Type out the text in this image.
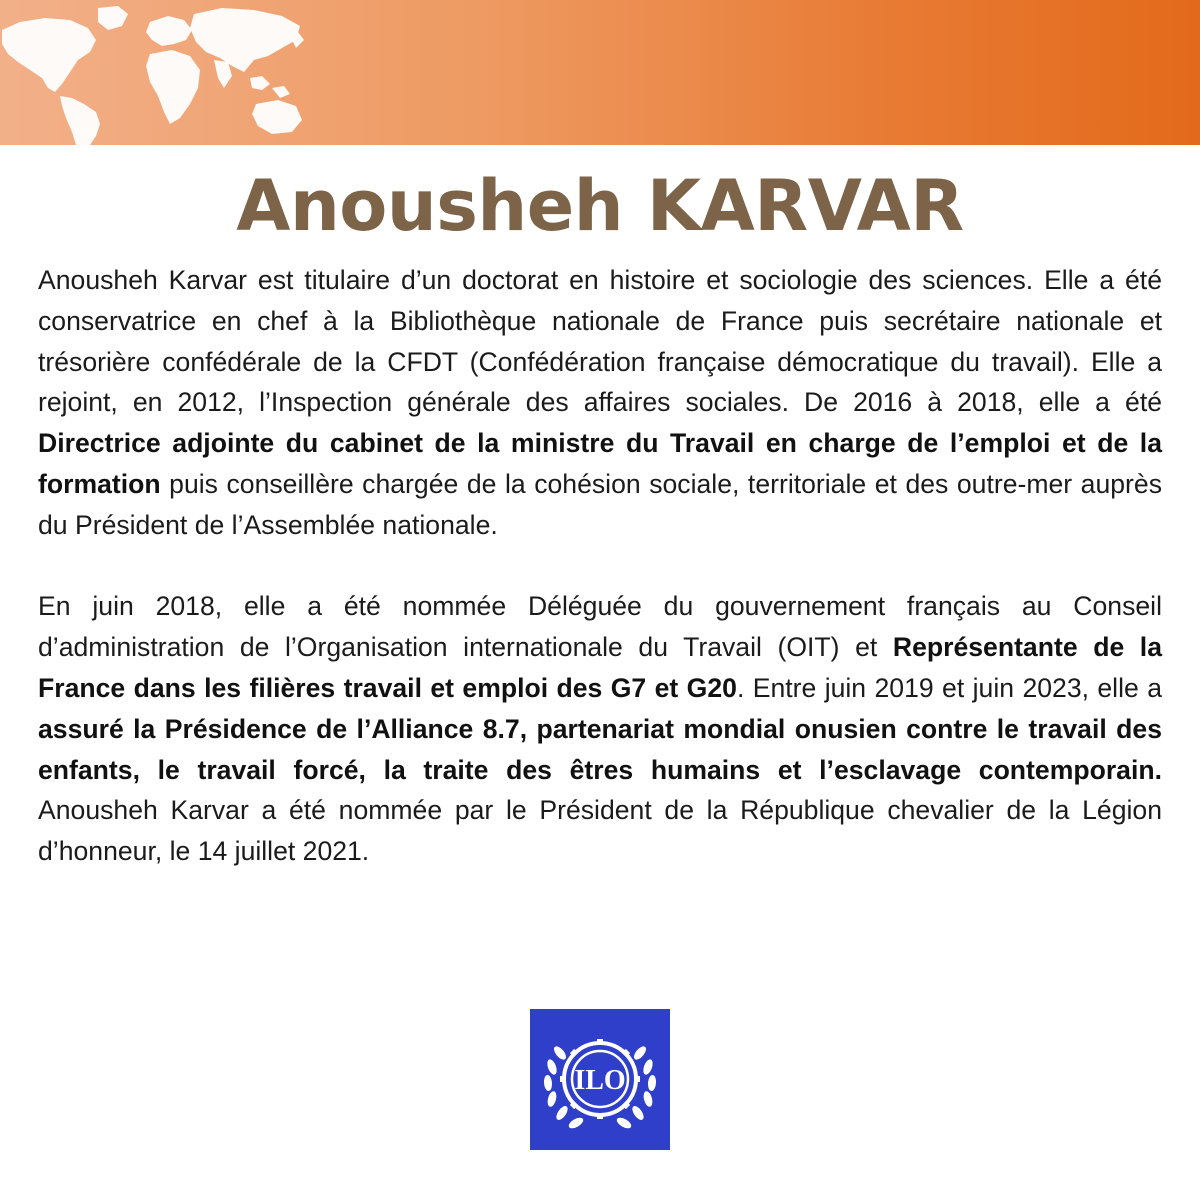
Anousheh KARVAR

Anousheh Karvar est titulaire d’un doctorat en histoire et sociologie des sciences. Elle a été conservatrice en chef à la Bibliothèque nationale de France puis secrétaire nationale et trésorière confédérale de la CFDT (Confédération française démocratique du travail). Elle a rejoint, en 2012, l’Inspection générale des affaires sociales. De 2016 à 2018, elle a été Directrice adjointe du cabinet de la ministre du Travail en charge de l’emploi et de la formation puis conseillère chargée de la cohésion sociale, territoriale et des outre-mer auprès du Président de l’Assemblée nationale.

En juin 2018, elle a été nommée Déléguée du gouvernement français au Conseil d’administration de l’Organisation internationale du Travail (OIT) et Représentante de la France dans les filières travail et emploi des G7 et G20. Entre juin 2019 et juin 2023, elle a assuré la Présidence de l’Alliance 8.7, partenariat mondial onusien contre le travail des enfants, le travail forcé, la traite des êtres humains et l’esclavage contemporain. Anousheh Karvar a été nommée par le Président de la République chevalier de la Légion d’honneur, le 14 juillet 2021.

ILO
